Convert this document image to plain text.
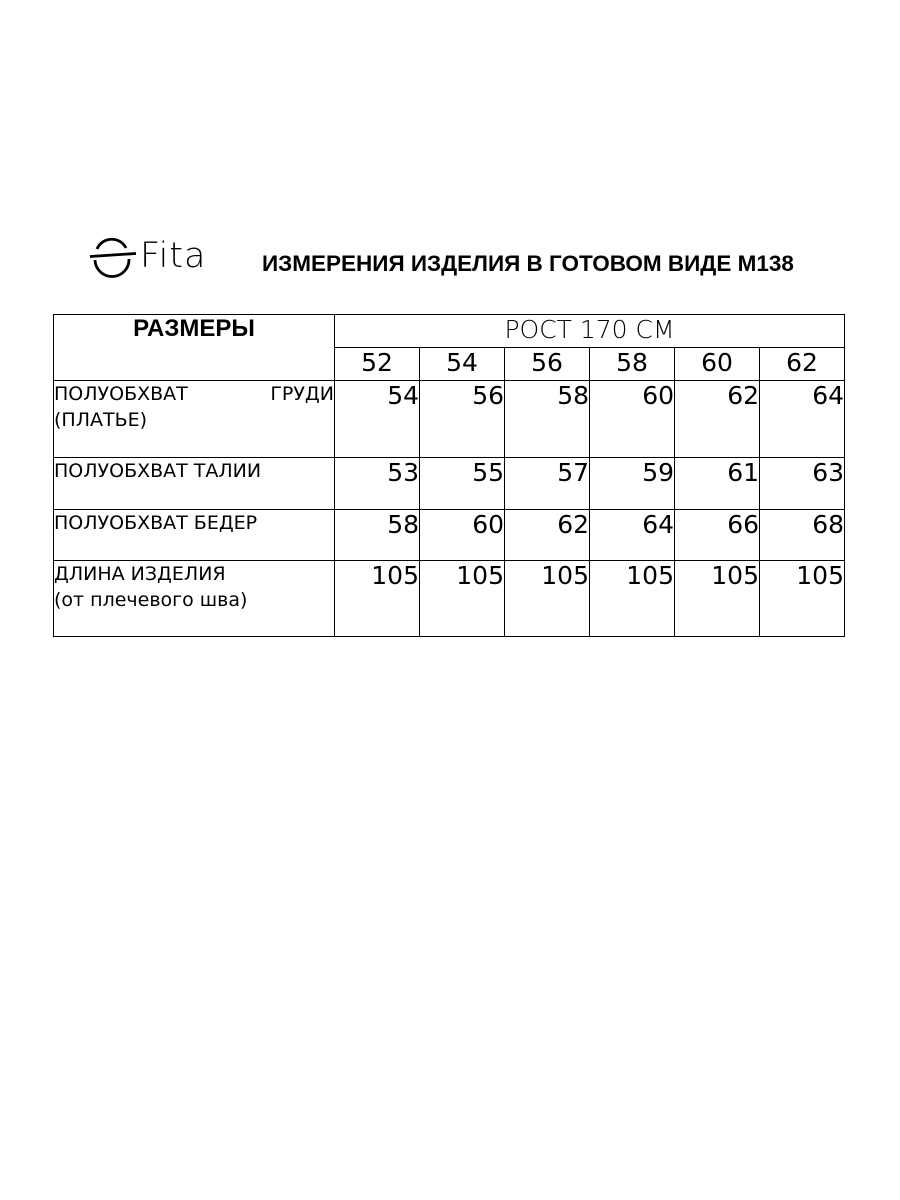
Fita ИЗМЕРЕНИЯ ИЗДЕЛИЯ В ГОТОВОМ ВИДЕ М138
РАЗМЕРЫ	РОСТ 170 СМ					
	52	54	56	58	60	62

ПОЛУОБХВАТ ГРУДИ
(ПЛАТЬЕ)	54	56	58	60	62	64
ПОЛУОБХВАТ ТАЛИИ	53	55	57	59	61	63
ПОЛУОБХВАТ БЕДЕР	58	60	62	64	66	68

ДЛИНА ИЗДЕЛИЯ
(от плечевого шва)	105	105	105	105	105	105
